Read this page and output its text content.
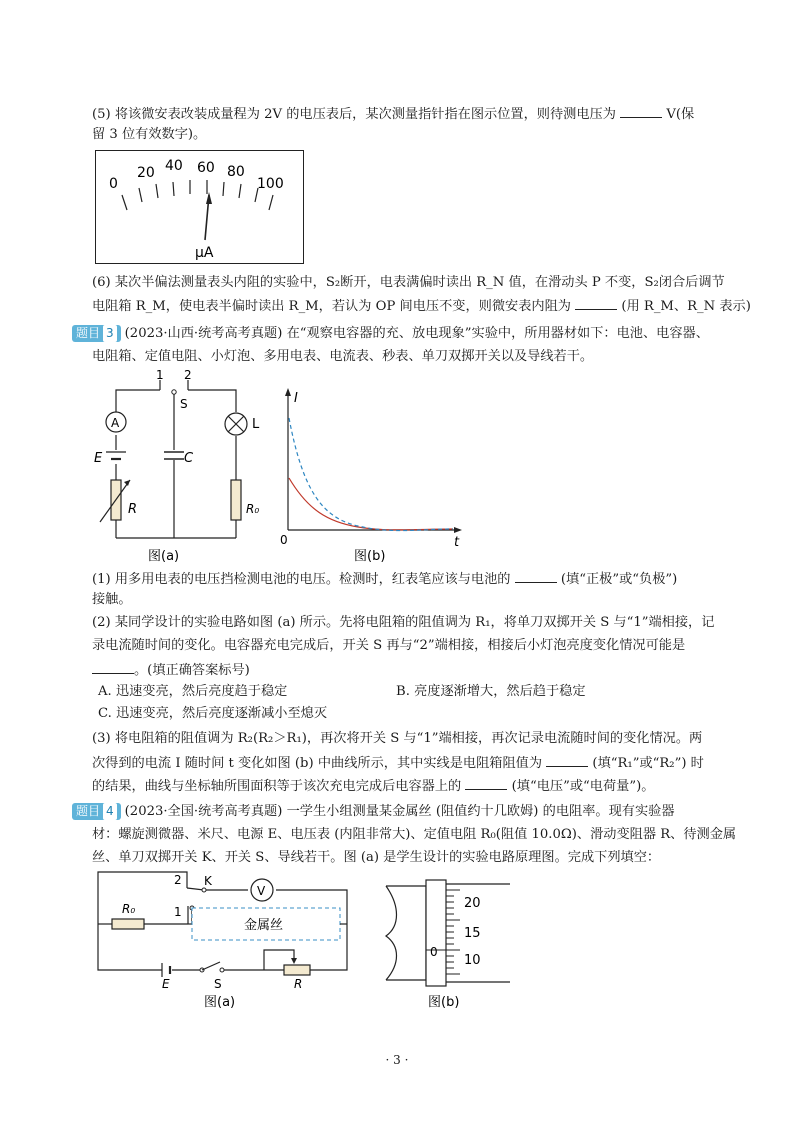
(5) 将该微安表改装成量程为 2V 的电压表后，某次测量指针指在图示位置，则待测电压为	V(保
留 3 位有效数字)。
0
20 40 60 80
100
μA
(6) 某次半偏法测量表头内阻的实验中，S₂断开，电表满偏时读出 R_N 值，在滑动头 P 不变，S₂闭合后调节
电阻箱 R_M，使电表半偏时读出 R_M，若认为 OP 间电压不变，则微安表内阻为	(用 R_M、R_N 表示)
题目 3 (2023·山西·统考高考真题) 在“观察电容器的充、放电现象”实验中，所用器材如下：电池、电容器、
电阻箱、定值电阻、小灯泡、多用电表、电流表、秒表、单刀双掷开关以及导线若干。
A
1 2
S
L
E	C
R	R₀
图(a)
I
t
0
图(b)
(1) 用多用电表的电压挡检测电池的电压。检测时，红表笔应该与电池的	(填“正极”或“负极”)
接触。
(2) 某同学设计的实验电路如图 (a) 所示。先将电阻箱的阻值调为 R₁，将单刀双掷开关 S 与“1”端相接，记
录电流随时间的变化。电容器充电完成后，开关 S 再与“2”端相接，相接后小灯泡亮度变化情况可能是
。(填正确答案标号)
A. 迅速变亮，然后亮度趋于稳定	B. 亮度逐渐增大，然后趋于稳定
C. 迅速变亮，然后亮度逐渐减小至熄灭
(3) 将电阻箱的阻值调为 R₂(R₂＞R₁)，再次将开关 S 与“1”端相接，再次记录电流随时间的变化情况。两
次得到的电流 I 随时间 t 变化如图 (b) 中曲线所示，其中实线是电阻箱阻值为	(填“R₁”或“R₂”) 时
的结果，曲线与坐标轴所围面积等于该次充电完成后电容器上的	(填“电压”或“电荷量”)。
题目 4 (2023·全国·统考高考真题) 一学生小组测量某金属丝 (阻值约十几欧姆) 的电阻率。现有实验器
材：螺旋测微器、米尺、电源 E、电压表 (内阻非常大)、定值电阻 R₀(阻值 10.0Ω)、滑动变阻器 R、待测金属
丝、单刀双掷开关 K、开关 S、导线若干。图 (a) 是学生设计的实验电路原理图。完成下列填空：
V
金属丝
2
1
K
R₀
E	S	R
图(a)
20
15
10
0
图(b)
· 3 ·
